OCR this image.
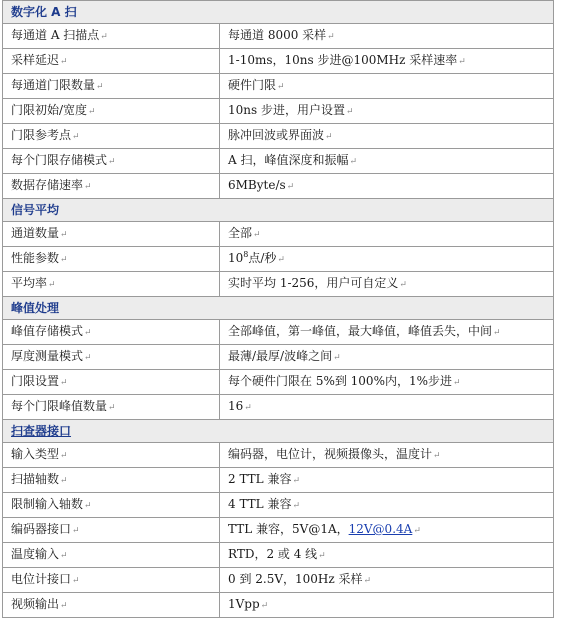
数字化 A 扫	
每通道 A 扫描点↵	每通道 8000 采样↵
采样延迟↵	1-10ms，10ns 步进@100MHz 采样速率↵
每通道门限数量↵	硬件门限↵
门限初始/宽度↵	10ns 步进，用户设置↵
门限参考点↵	脉冲回波或界面波↵
每个门限存储模式↵	A 扫，峰值深度和振幅↵
数据存储速率↵	6MByte/s↵
信号平均	
通道数量↵	全部↵
性能参数↵	$10^8$点/秒↵
平均率↵	实时平均 1-256，用户可自定义↵
峰值处理	
峰值存储模式↵	全部峰值，第一峰值，最大峰值，峰值丢失，中间↵
厚度测量模式↵	最薄/最厚/波峰之间↵
门限设置↵	每个硬件门限在 5%到 100%内，1%步进↵
每个门限峰值数量↵	16↵
扫查器接口	
输入类型↵	编码器，电位计，视频摄像头，温度计↵
扫描轴数↵	2 TTL 兼容↵
限制输入轴数↵	4 TTL 兼容↵
编码器接口↵	TTL 兼容，5V@1A，12V@0.4A↵
温度输入↵	RTD，2 或 4 线↵
电位计接口↵	0 到 2.5V，100Hz 采样↵
视频输出↵	1Vpp↵
